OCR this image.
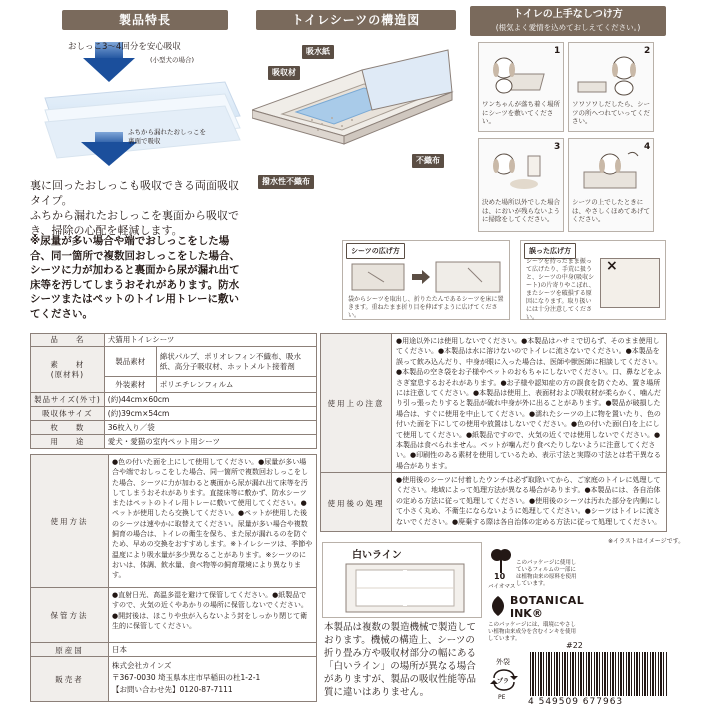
製品特長
おしっこ3～4回分を安心吸収
(小型犬の場合)
ふちから漏れたおしっこを裏面で吸収
裏に回ったおしっこも吸収できる両面吸収タイプ。
ふちから漏れたおしっこを裏面から吸収でき、掃除の心配を軽減します。
※尿量が多い場合や端でおしっこをした場合、同一箇所で複数回おしっこをした場合、シーツに力が加わると裏面から尿が漏れ出て床等を汚してしまうおそれがあります。防水シーツまたはペットのトイレ用トレーに敷いてください。
トイレシーツの構造図
吸水紙
吸収材
不織布
撥水性不織布
トイレの上手なしつけ方
(根気よく愛情を込めておしえてください。)
1	2
3	4
ワンちゃんが落ち着く場所にシーツを敷いてください。
ソワソワしだしたら、シーツの所へつれていってください。
決めた場所以外でした場合は、においが残らないように掃除をしてください。
シーツの上でしたときには、やさしくほめてあげてください。
シーツの広げ方
袋からシーツを取出し、折りたたんであるシーツを床に置きます。重ねたまま折り目を伸ばすように広げてください。
誤った広げ方
×
シーツを持ったまま振って広げたり、手荒に扱うと、シーツの中身(吸収シート)の片寄りやこぼれ、またシーツを破損する原因になります。取り扱いには十分注意してください。
品　　名	犬猫用トイレシーツ	
素　　材
(原材料)	製品素材	綿状パルプ、ポリオレフィン不織布、吸水紙、高分子吸収材、ホットメルト接着剤
	外装素材	ポリエチレンフィルム
製品サイズ(外寸)	(約)44cm×60cm	
吸収体サイズ	(約)39cm×54cm	
枚　　数	36枚入り／袋	
用　　途	愛犬・愛猫の室内ペット用シーツ	
使用方法
●色の付いた面を上にして使用してください。●尿量が多い場合や端でおしっこをした場合、同一箇所で複数回おしっこをした場合、シーツに力が加わると裏面から尿が漏れ出て床等を汚してしまうおそれがあります。直接床等に敷かず、防水シーツまたはペットのトイレ用トレーに敷いて使用してください。●ペットが使用したら交換してください。●ペットが使用した後のシーツは速やかに取替えてください。尿量が多い場合や複数飼育の場合は、トイレの衛生を保ち、また尿が漏れるのを防ぐため、早めの交換をおすすめします。※トイレシーツは、季節や温度により吸水量が多少異なることがあります。※シーツのにおいは、体調、飲水量、食べ物等の飼育環境により異なります。
保管方法
●直射日光、高温多湿を避けて保管してください。●紙製品ですので、火気の近くやあかりの場所に保管しないでください。●開封後は、ほこりや虫が入らないよう封をしっかり閉じて衛生的に保管してください。
原産国	日本
販売者
株式会社カインズ
〒367-0030 埼玉県本庄市早稲田の杜1-2-1
【お問い合わせ先】0120-87-7111
使用上の注意
●用途以外には使用しないでください。●本製品はハサミで切らず、そのまま使用してください。●本製品は水に溶けないのでトイレに流さないでください。●本製品を誤って飲み込んだり、中身が眼に入った場合は、医師や獣医師に相談してください。●本製品の空き袋をお子様やペットのおもちゃにしないでください。口、鼻などをふさぎ窒息するおそれがあります。●お子様や認知症の方の誤食を防ぐため、置き場所には注意してください。●本製品は使用上、表面材および吸収材が柔らかく、噛んだり引っ張ったりすると製品が破れ中身が外に出ることがあります。●製品が破損した場合は、すぐに使用を中止してください。●濡れたシーツの上に物を置いたり、色の付いた面を下にしての使用や放置はしないでください。●色の付いた面(白)を上にして使用してください。●紙製品ですので、火気の近くでは使用しないでください。●本製品は食べられません。ペットが噛んだり食べたりしないように注意してください。●印刷性のある素材を使用しているため、表示寸法と実際の寸法とは若干異なる場合があります。
使用後の処理
●使用後のシーツに付着したウンチは必ず取除いてから、ご家庭のトイレに処理してください。地域によって処理方法が異なる場合があります。●本製品には、各自治体の定める方法に従って処理してください。●使用後のシーツは汚れた部分を内側にして小さく丸め、不衛生にならないように処理してください。●シーツはトイレに流さないでください。●廃棄する際は各自治体の定める方法に従って処理してください。
※イラストはイメージです。
白いライン
本製品は複数の製造機械で製造しております。機械の構造上、シーツの折り畳み方や吸収材部分の幅にある「白いライン」の場所が異なる場合がありますが、製品の吸収性能等品質に違いはありません。
10
バイオマス
このパッケージに使用しているフィルムの一部には植物由来の原料を使用しています。
BOTANICAL
INK®
このパッケージには、環境にやさしい植物由来成分を含むインキを使用しています。
#22
外袋
プラ
PE	4 549509 677963
